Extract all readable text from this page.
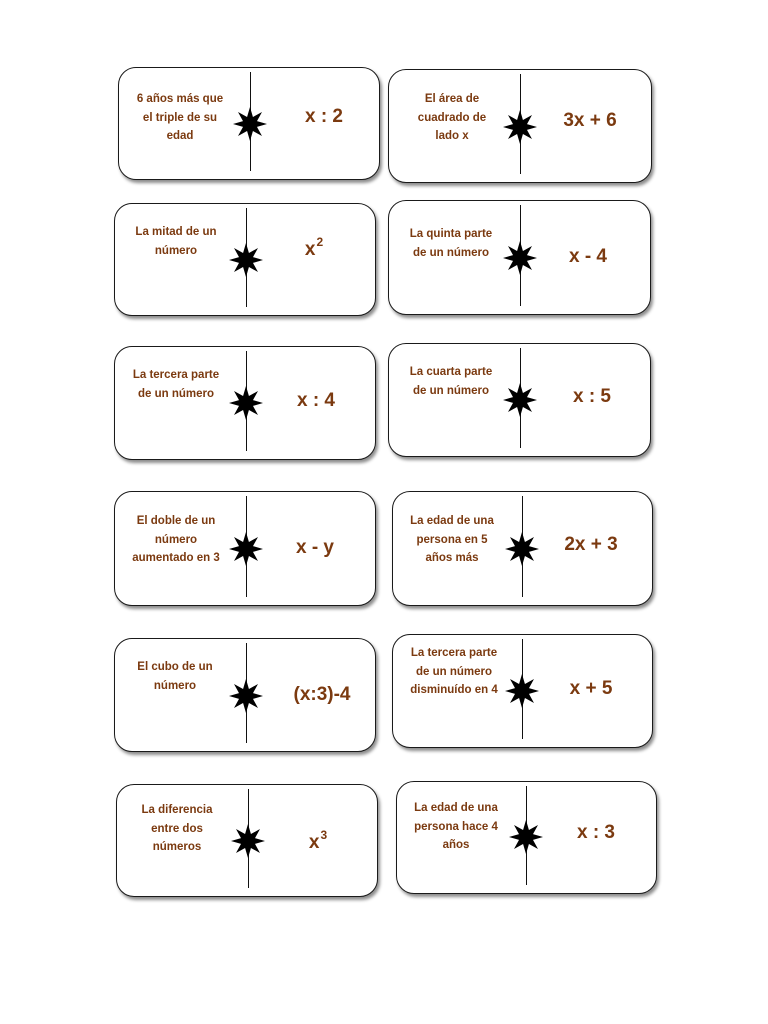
6 años más que el triple de su edad
x : 2
El área de cuadrado de lado x
3x + 6
La mitad de un número	$x^2$
La quinta parte de un número	x - 4
La tercera parte de un número	x : 4
La cuarta parte de un número	x : 5
El doble de un número aumentado en 3	x - y
La edad de una persona en 5 años más
2x + 3
El cubo de un número	(x:3)-4
La tercera parte de un número disminuído en 4	x + 5
La diferencia entre dos números	$x^3$
La edad de una persona hace 4 años
x : 3
